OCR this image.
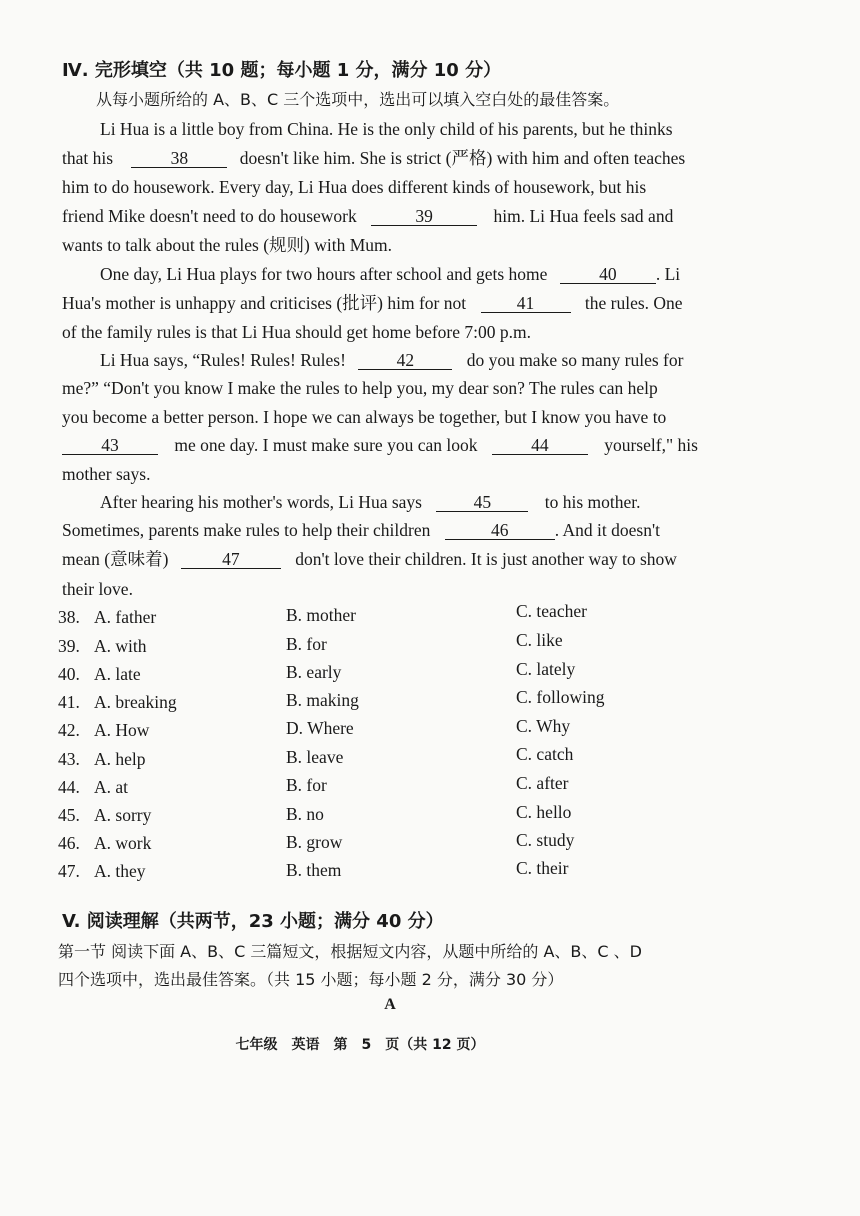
Ⅳ. 完形填空（共 10 题；每小题 1 分，满分 10 分）
从每小题所给的 A、B、C 三个选项中，选出可以填入空白处的最佳答案。
Li Hua is a little boy from China. He is the only child of his parents, but he thinks
that his	38	doesn't like him. She is strict (严格) with him and often teaches
him to do housework. Every day, Li Hua does different kinds of housework, but his
friend Mike doesn't need to do housework	39	him. Li Hua feels sad and
wants to talk about the rules (规则) with Mum.
One day, Li Hua plays for two hours after school and gets home	40 . Li
Hua's mother is unhappy and criticises (批评) him for not	41	the rules. One
of the family rules is that Li Hua should get home before 7:00 p.m.
Li Hua says, “Rules! Rules! Rules!	42	do you make so many rules for
me?” “Don't you know I make the rules to help you, my dear son? The rules can help
you become a better person. I hope we can always be together, but I know you have to
43	me one day. I must make sure you can look	44	yourself," his
mother says.
After hearing his mother's words, Li Hua says	45	to his mother.
Sometimes, parents make rules to help their children	46	. And it doesn't
mean (意味着)	47	don't love their children. It is just another way to show
their love.
38. A. father	B. mother	C. teacher
39. A. with	B. for	C. like
40. A. late	B. early	C. lately
41. A. breaking	B. making	C. following
42. A. How	D. Where	C. Why
43. A. help	B. leave	C. catch
44. A. at	B. for	C. after
45. A. sorry	B. no	C. hello
46. A. work	B. grow	C. study
47. A. they	B. them	C. their
V. 阅读理解（共两节，23 小题；满分 40 分）
第一节 阅读下面 A、B、C 三篇短文，根据短文内容，从题中所给的 A、B、C 、D
四个选项中，选出最佳答案。（共 15 小题；每小题 2 分，满分 30 分）
A
七年级　英语　第　5　页（共 12 页）
